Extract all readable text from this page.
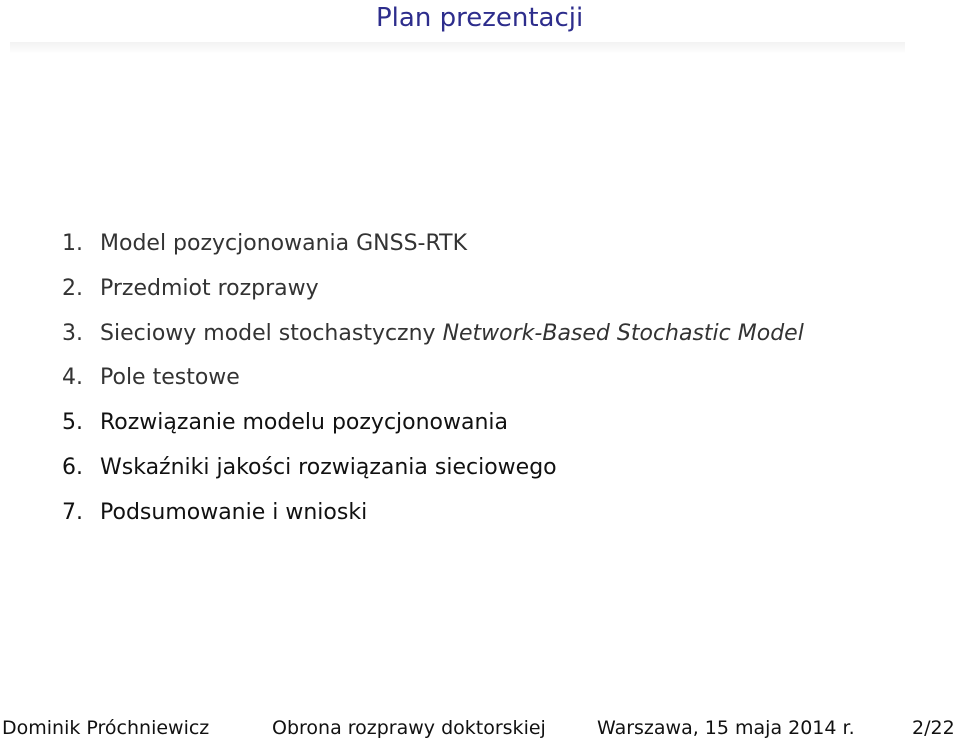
Plan prezentacji
1. Model pozycjonowania GNSS-RTK
2. Przedmiot rozprawy
3. Sieciowy model stochastyczny Network-Based Stochastic Model
4. Pole testowe
5. Rozwiązanie modelu pozycjonowania
6. Wskaźniki jakości rozwiązania sieciowego
7. Podsumowanie i wnioski
Dominik Próchniewicz	Obrona rozprawy doktorskiej	Warszawa, 15 maja 2014 r.	2/22
